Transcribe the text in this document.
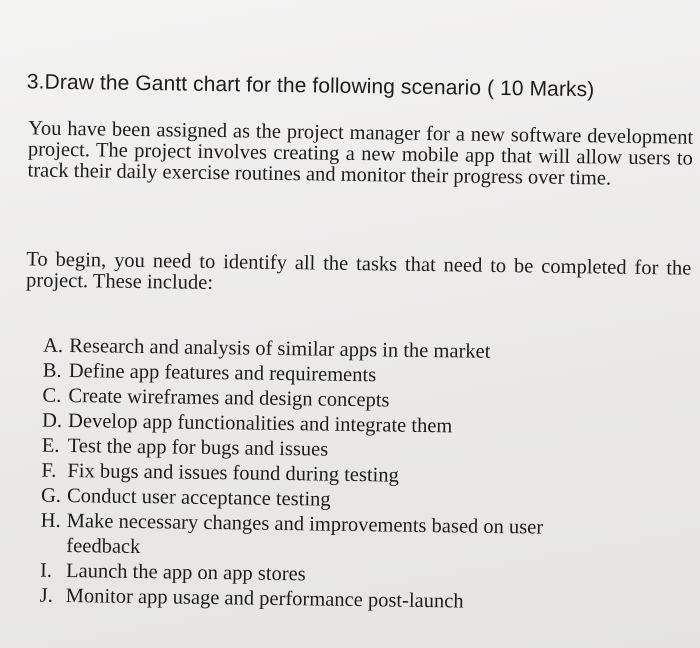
3.Draw the Gantt chart for the following scenario ( 10 Marks)

You have been assigned as the project manager for a new software development project. The project involves creating a new mobile app that will allow users to track their daily exercise routines and monitor their progress over time.

To begin, you need to identify all the tasks that need to be completed for the project. These include:

A. Research and analysis of similar apps in the market
B. Define app features and requirements
C. Create wireframes and design concepts
D. Develop app functionalities and integrate them
E. Test the app for bugs and issues
F. Fix bugs and issues found during testing
G. Conduct user acceptance testing
H. Make necessary changes and improvements based on user
feedback
I. Launch the app on app stores
J. Monitor app usage and performance post-launch
